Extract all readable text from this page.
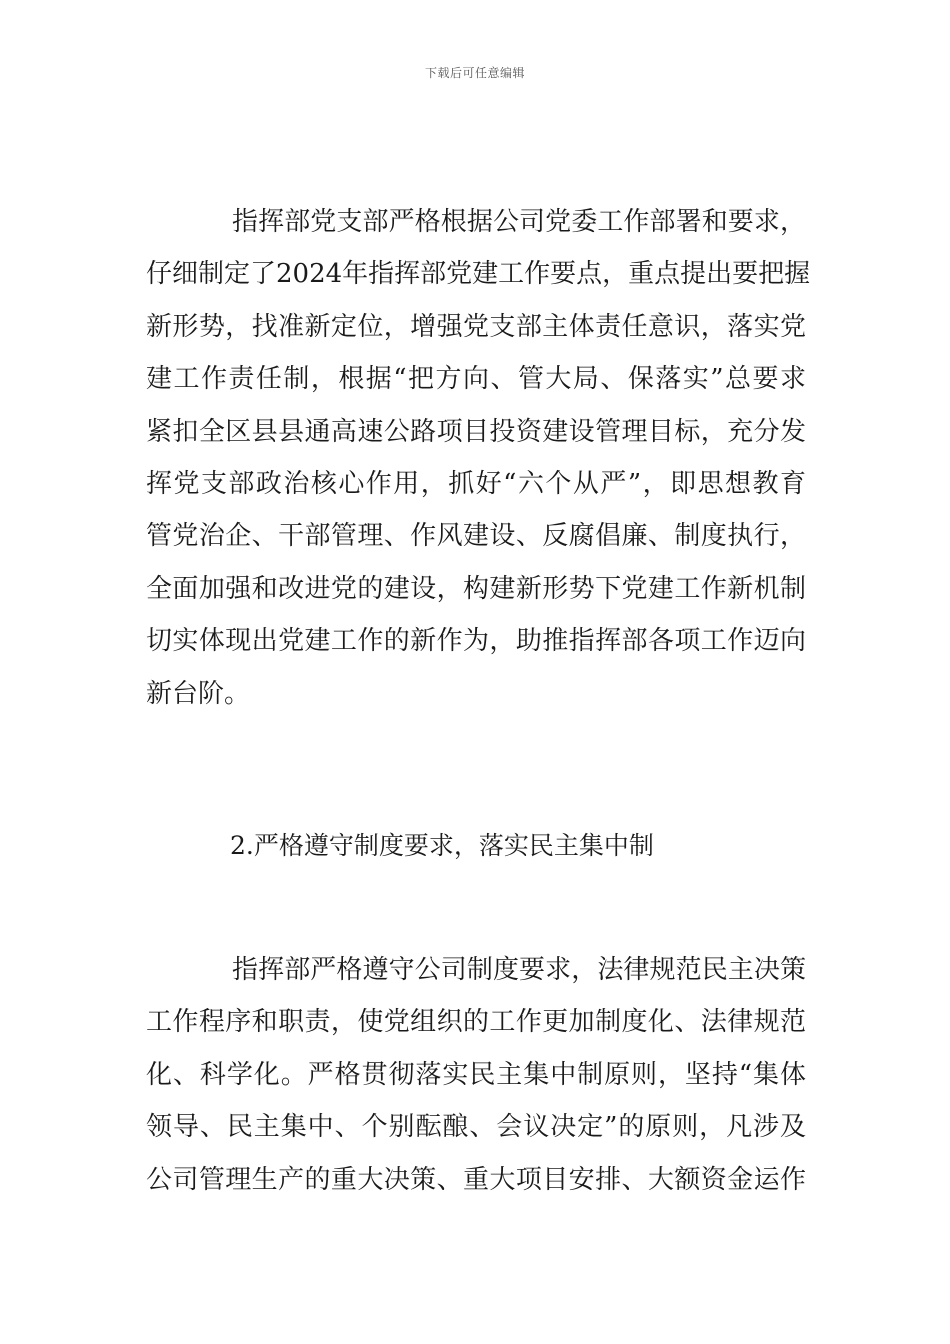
下载后可任意编辑
指挥部党支部严格根据公司党委工作部署和要求，
仔细制定了2024年指挥部党建工作要点，重点提出要把握
新形势，找准新定位，增强党支部主体责任意识，落实党
建工作责任制，根据“把方向、管大局、保落实”总要求
紧扣全区县县通高速公路项目投资建设管理目标，充分发
挥党支部政治核心作用，抓好“六个从严”，即思想教育
管党治企、干部管理、作风建设、反腐倡廉、制度执行，
全面加强和改进党的建设，构建新形势下党建工作新机制
切实体现出党建工作的新作为，助推指挥部各项工作迈向
新台阶。
2.严格遵守制度要求，落实民主集中制
指挥部严格遵守公司制度要求，法律规范民主决策
工作程序和职责，使党组织的工作更加制度化、法律规范
化、科学化。严格贯彻落实民主集中制原则，坚持“集体
领导、民主集中、个别酝酿、会议决定”的原则，凡涉及
公司管理生产的重大决策、重大项目安排、大额资金运作
